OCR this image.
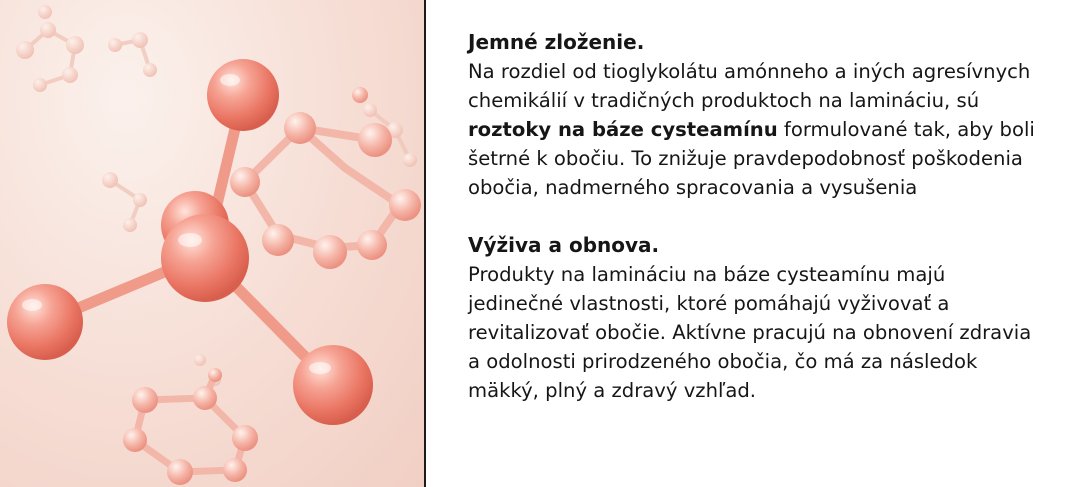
Jemné zloženie.

Na rozdiel od tioglykolátu amónneho a iných agresívnych chemikálií v tradičných produktoch na lamináciu, sú roztoky na báze cysteamínu formulované tak, aby boli šetrné k obočiu. To znižuje pravdepodobnosť poškodenia obočia, nadmerného spracovania a vysušenia

Výživa a obnova.

Produkty na lamináciu na báze cysteamínu majú jedinečné vlastnosti, ktoré pomáhajú vyživovať a revitalizovať obočie. Aktívne pracujú na obnovení zdravia a odolnosti prirodzeného obočia, čo má za následok mäkký, plný a zdravý vzhľad.
